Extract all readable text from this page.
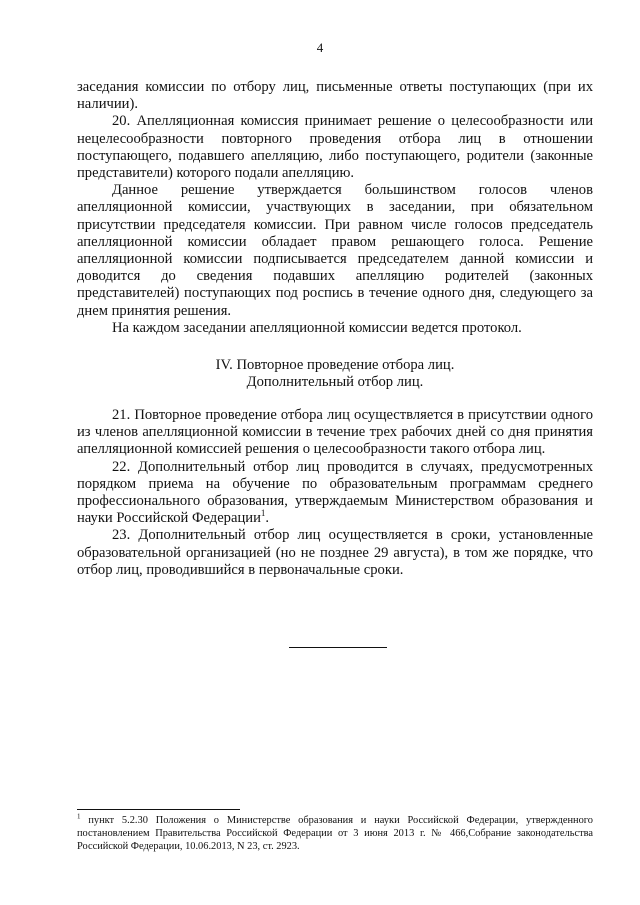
4

заседания комиссии по отбору лиц, письменные ответы поступающих (при их наличии).

20. Апелляционная комиссия принимает решение о целесообразности или нецелесообразности повторного проведения отбора лиц в отношении поступающего, подавшего апелляцию, либо поступающего, родители (законные представители) которого подали апелляцию.

Данное решение утверждается большинством голосов членов апелляционной комиссии, участвующих в заседании, при обязательном присутствии председателя комиссии. При равном числе голосов председатель апелляционной комиссии обладает правом решающего голоса. Решение апелляционной комиссии подписывается председателем данной комиссии и доводится до сведения подавших апелляцию родителей (законных представителей) поступающих под роспись в течение одного дня, следующего за днем принятия решения.

На каждом заседании апелляционной комиссии ведется протокол.

IV. Повторное проведение отбора лиц.
Дополнительный отбор лиц.

21. Повторное проведение отбора лиц осуществляется в присутствии одного из членов апелляционной комиссии в течение трех рабочих дней со дня принятия апелляционной комиссией решения о целесообразности такого отбора лиц.

22. Дополнительный отбор лиц проводится в случаях, предусмотренных порядком приема на обучение по образовательным программам среднего профессионального образования, утверждаемым Министерством образования и науки Российской Федерации$^1$.

23. Дополнительный отбор лиц осуществляется в сроки, установленные образовательной организацией (но не позднее 29 августа), в том же порядке, что отбор лиц, проводившийся в первоначальные сроки.

$^1$ пункт 5.2.30 Положения о Министерстве образования и науки Российской Федерации, утвержденного постановлением Правительства Российской Федерации от 3 июня 2013 г. № 466,Собрание законодательства Российской Федерации, 10.06.2013, N 23, ст. 2923.
